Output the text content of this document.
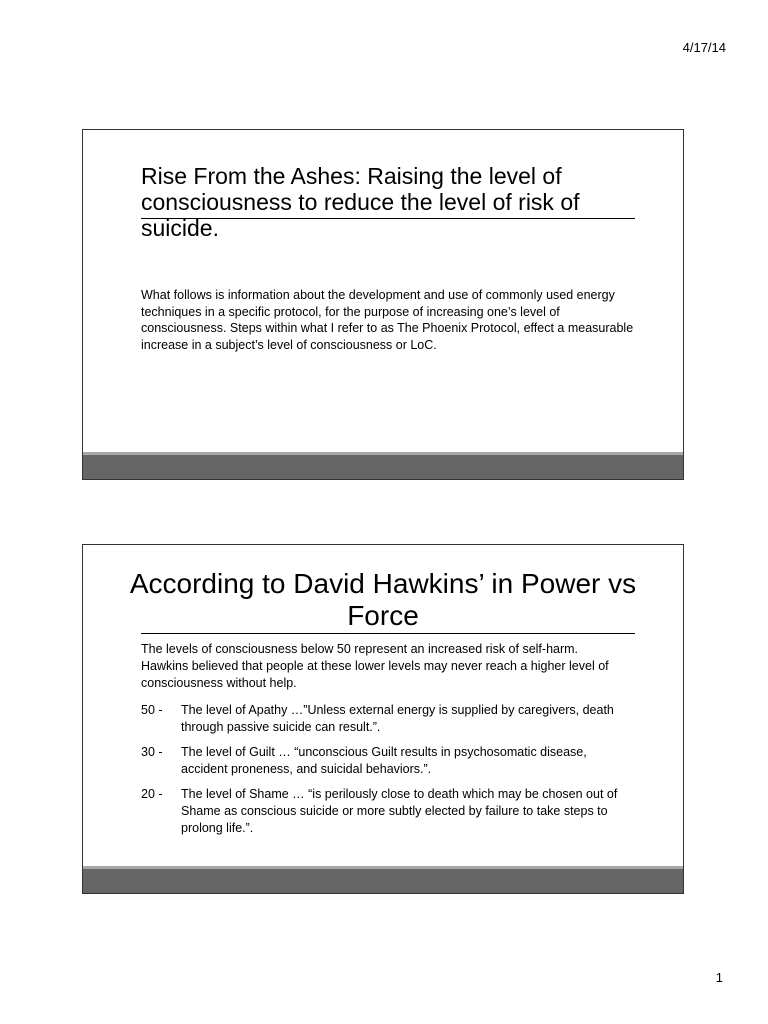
4/17/14
Rise From the Ashes: Raising the level of consciousness to reduce the level of risk of suicide.

What follows is information about the development and use of commonly used energy techniques in a specific protocol, for the purpose of increasing one’s level of consciousness. Steps within what I refer to as The Phoenix Protocol, effect a measurable increase in a subject’s level of consciousness or LoC.

According to David Hawkins’ in Power vs Force

The levels of consciousness below 50 represent an increased risk of self-harm. Hawkins believed that people at these lower levels may never reach a higher level of consciousness without help.

50 -	The level of Apathy …”Unless external energy is supplied by caregivers, death through passive suicide can result.”.
30 -	The level of Guilt … “unconscious Guilt results in psychosomatic disease, accident proneness, and suicidal behaviors.”.
20 -	The level of Shame … “is perilously close to death which may be chosen out of Shame as conscious suicide or more subtly elected by failure to take steps to prolong life.”.
1
